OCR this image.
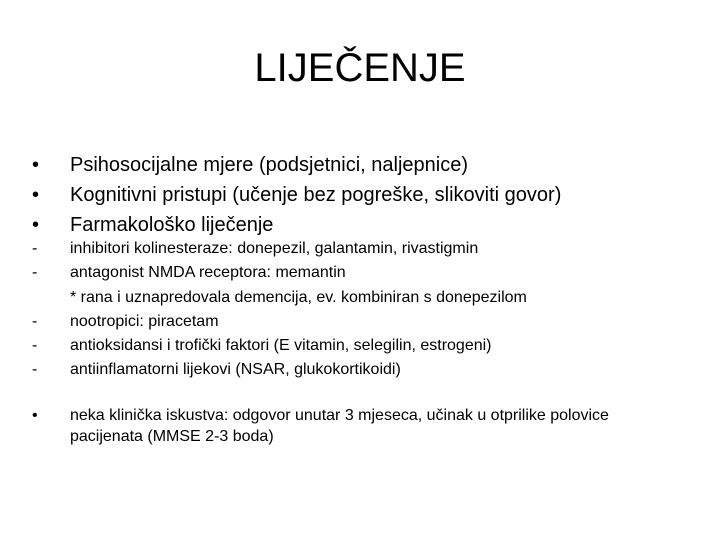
LIJEČENJE
• Psihosocijalne mjere (podsjetnici, naljepnice)
• Kognitivni pristupi (učenje bez pogreške, slikoviti govor)
• Farmakološko liječenje
- inhibitori kolinesteraze: donepezil, galantamin, rivastigmin
- antagonist NMDA receptora: memantin
* rana i uznapredovala demencija, ev. kombiniran s donepezilom
- nootropici: piracetam
- antioksidansi i trofički faktori (E vitamin, selegilin, estrogeni)
- antiinflamatorni lijekovi (NSAR, glukokortikoidi)
• neka klinička iskustva: odgovor unutar 3 mjeseca, učinak u otprilike polovice pacijenata (MMSE 2-3 boda)
